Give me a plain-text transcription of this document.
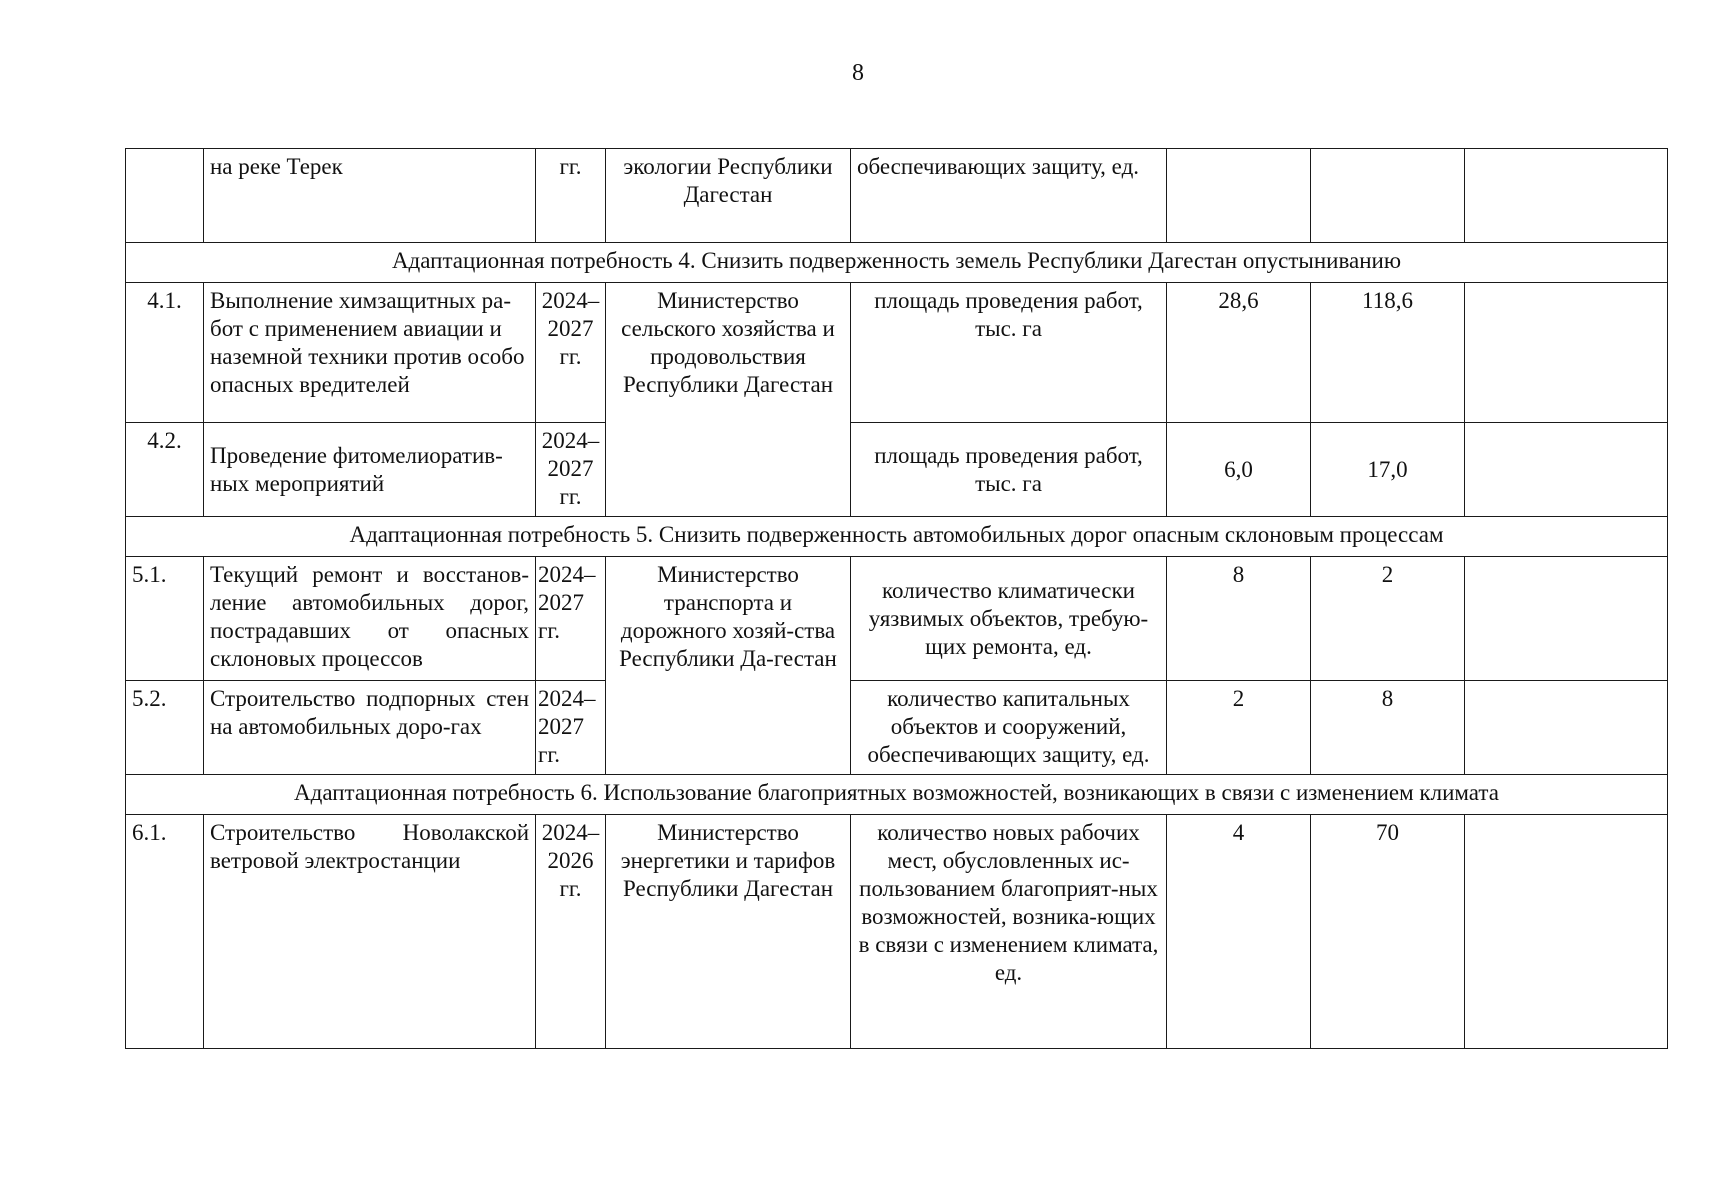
8
	на реке Терек	гг.	экологии Республики Дагестан	обеспечивающих защиту, ед.			
Адаптационная потребность 4. Снизить подверженность земель Республики Дагестан опустыниванию							
4.1.	Выполнение химзащитных ра-бот с применением авиации и наземной техники против особо опасных вредителей	2024–2027 гг.	Министерство сельского хозяйства и продовольствия Республики Дагестан	площадь проведения работ, тыс. га	28,6	118,6	
4.2.	Проведение фитомелиоратив-ных мероприятий	2024–2027 гг.		площадь проведения работ, тыс. га	6,0	17,0	
Адаптационная потребность 5. Снизить подверженность автомобильных дорог опасным склоновым процессам							
5.1.	Текущий ремонт и восстанов-ление автомобильных дорог, пострадавших от опасных склоновых процессов	2024–2027 гг.	Министерство транспорта и дорожного хозяй-ства Республики Да-гестан	количество климатически уязвимых объектов, требую-щих ремонта, ед.	8	2	
5.2.	Строительство подпорных стен на автомобильных доро-гах	2024–2027 гг.		количество капитальных объектов и сооружений, обеспечивающих защиту, ед.	2	8	
Адаптационная потребность 6. Использование благоприятных возможностей, возникающих в связи с изменением климата							
6.1.	Строительство Новолакской ветровой электростанции	2024–2026 гг.	Министерство энергетики и тарифов Республики Дагестан	количество новых рабочих мест, обусловленных ис-пользованием благоприят-ных возможностей, возника-ющих в связи с изменением климата, ед.	4	70	
